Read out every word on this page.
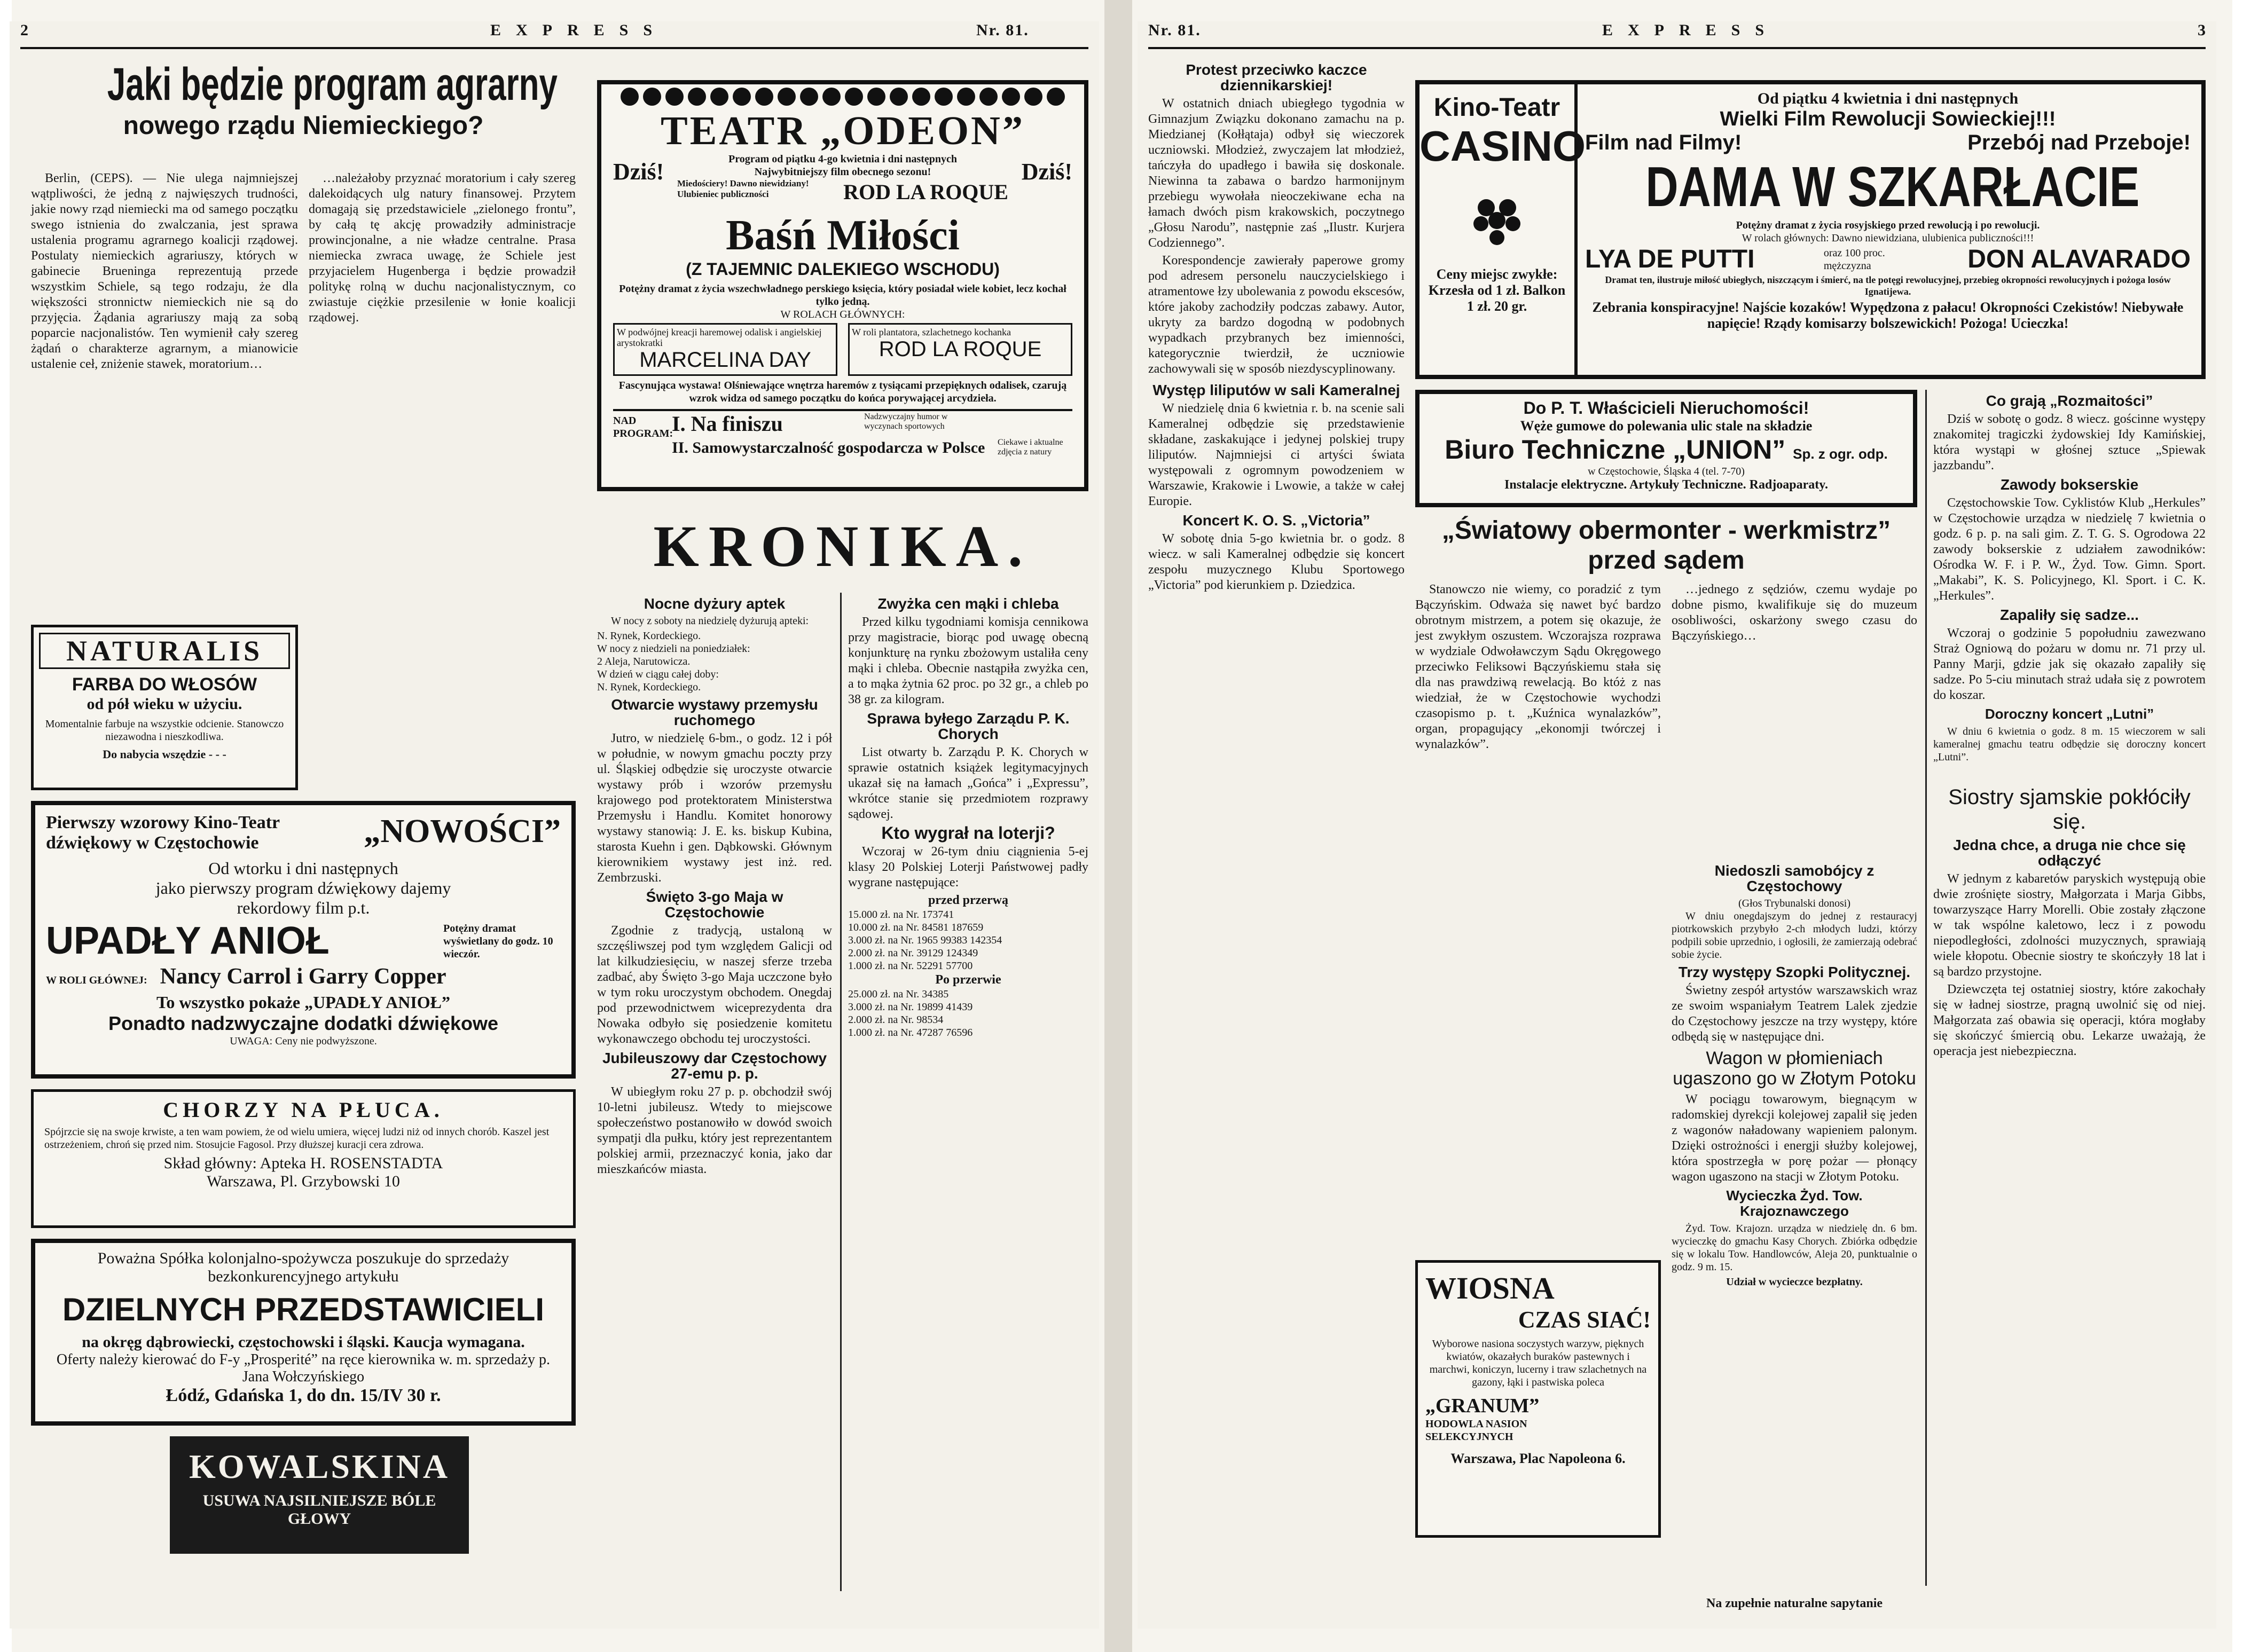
2	EXPRESS	Nr. 81.
Jaki będzie program agrarny
nowego rządu Niemieckiego?

Berlin, (CEPS). — Nie ulega najmniejszej wątpliwości, że jedną z najwięszych trudności, jakie nowy rząd niemiecki ma od samego początku swego istnienia do zwalczania, jest sprawa ustalenia programu agrarnego koalicji rządowej. Postulaty niemieckich agrariuszy, których w gabinecie Brueninga reprezentują przede wszystkim Schiele, są tego rodzaju, że dla większości stronnictw niemieckich nie są do przyjęcia. Żądania agrariuszy mają za sobą poparcie nacjonalistów. Ten wymienił cały szereg żądań o charakterze agrarnym, a mianowicie ustalenie ceł, zniżenie stawek, moratorium…

…należałoby przyznać moratorium i cały szereg dalekoidących ulg natury finansowej. Przytem domagają się przedstawiciele „zielonego frontu”, by całą tę akcję prowadziły administracje prowincjonalne, a nie władze centralne. Prasa niemiecka zwraca uwagę, że Schiele jest przyjacielem Hugenberga i będzie prowadził politykę rolną w duchu nacjonalistycznym, co zwiastuje ciężkie przesilenie w łonie koalicji rządowej.

NATURALIS
FARBA DO WŁOSÓW
od pół wieku w użyciu.
Momentalnie farbuje na wszystkie odcienie. Stanowczo niezawodna i nieszkodliwa.
Do nabycia wszędzie - - -
Pierwszy wzorowy Kino-Teatr
dźwiękowy w Częstochowie	„NOWOŚCI”
Od wtorku i dni następnych
jako pierwszy program dźwiękowy dajemy
rekordowy film p.t.
UPADŁY ANIOŁ	Potężny dramat wyświetlany do godz. 10 wieczór.
W ROLI GŁÓWNEJ: Nancy Carrol i Garry Copper
To wszystko pokaże „UPADŁY ANIOŁ”
Ponadto nadzwyczajne dodatki dźwiękowe
UWAGA: Ceny nie podwyższone.
CHORZY NA PŁUCA.
Spójrzcie się na swoje krwiste, a ten wam powiem, że od wielu umiera, więcej ludzi niż od innych chorób. Kaszel jest ostrzeżeniem, chroń się przed nim. Stosujcie Fagosol. Przy dłuższej kuracji cera zdrowa.
Skład główny: Apteka H. ROSENSTADTA
Warszawa, Pl. Grzybowski 10
Poważna Spółka kolonjalno-spożywcza poszukuje do sprzedaży bezkonkurencyjnego artykułu
DZIELNYCH PRZEDSTAWICIELI
na okręg dąbrowiecki, częstochowski i śląski. Kaucja wymagana.
Oferty należy kierować do F-y „Prosperité” na ręce kierownika w. m. sprzedaży p. Jana Wołczyńskiego
Łódź, Gdańska 1, do dn. 15/IV 30 r.
KOWALSKINA
USUWA NAJSILNIEJSZE BÓLE GŁOWY
TEATR „ODEON”
Dziś!	Dziś!
Program od piątku 4-go kwietnia i dni następnych
Najwybitniejszy film obecnego sezonu!
Miedościery! Dawno niewidziany! Ulubieniec publiczności	ROD LA ROQUE
Baśń Miłości
(Z TAJEMNIC DALEKIEGO WSCHODU)
Potężny dramat z życia wszechwładnego perskiego księcia, który posiadał wiele kobiet, lecz kochał tylko jedną.
W ROLACH GŁÓWNYCH:
W podwójnej kreacji haremowej odalisk i angielskiej arystokratki
MARCELINA DAY
W roli plantatora, szlachetnego kochanka
ROD LA ROQUE
Fascynująca wystawa! Olśniewające wnętrza haremów z tysiącami przepięknych odalisek, czarują wzrok widza od samego początku do końca porywającej arcydzieła.
NAD PROGRAM:
I. Na finiszu	Nadzwyczajny humor w wyczynach sportowych
II. Samowystarczalność gospodarcza w Polsce Ciekawe i aktualne zdjęcia z natury
KRONIKA.
Nocne dyżury aptek

W nocy z soboty na niedzielę dyżurują apteki:

N. Rynek, Kordeckiego.
W nocy z niedzieli na poniedziałek:
2 Aleja, Narutowicza.
W dzień w ciągu całej doby:
N. Rynek, Kordeckiego.
Otwarcie wystawy przemysłu ruchomego

Jutro, w niedzielę 6-bm., o godz. 12 i pół w południe, w nowym gmachu poczty przy ul. Śląskiej odbędzie się uroczyste otwarcie wystawy prób i wzorów przemysłu krajowego pod protektoratem Ministerstwa Przemysłu i Handlu. Komitet honorowy wystawy stanowią: J. E. ks. biskup Kubina, starosta Kuehn i gen. Dąbkowski. Głównym kierownikiem wystawy jest inż. red. Zembrzuski.

Święto 3-go Maja w Częstochowie

Zgodnie z tradycją, ustaloną w szczęśliwszej pod tym względem Galicji od lat kilkudziesięciu, w naszej sferze trzeba zadbać, aby Święto 3-go Maja uczczone było w tym roku uroczystym obchodem. Onegdaj pod przewodnictwem wiceprezydenta dra Nowaka odbyło się posiedzenie komitetu wykonawczego obchodu tej uroczystości.

Jubileuszowy dar Częstochowy 27-emu p. p.

W ubiegłym roku 27 p. p. obchodził swój 10-letni jubileusz. Wtedy to miejscowe społeczeństwo postanowiło w dowód swoich sympatji dla pułku, który jest reprezentantem polskiej armii, przeznaczyć konia, jako dar mieszkańców miasta.

Zwyżka cen mąki i chleba

Przed kilku tygodniami komisja cennikowa przy magistracie, biorąc pod uwagę obecną konjunkturę na rynku zbożowym ustaliła ceny mąki i chleba. Obecnie nastąpiła zwyżka cen, a to mąka żytnia 62 proc. po 32 gr., a chleb po 38 gr. za kilogram.

Sprawa byłego Zarządu P. K. Chorych

List otwarty b. Zarządu P. K. Chorych w sprawie ostatnich książek legitymacyjnych ukazał się na łamach „Gońca” i „Expressu”, wkrótce stanie się przedmiotem rozprawy sądowej.

Kto wygrał na loterji?

Wczoraj w 26-tym dniu ciągnienia 5-ej klasy 20 Polskiej Loterji Państwowej padły wygrane następujące:

przed przerwą
15.000 zł. na Nr. 173741
10.000 zł. na Nr. 84581 187659
3.000 zł. na Nr. 1965 99383 142354
2.000 zł. na Nr. 39129 124349
1.000 zł. na Nr. 52291 57700
Po przerwie
25.000 zł. na Nr. 34385
3.000 zł. na Nr. 19899 41439
2.000 zł. na Nr. 98534
1.000 zł. na Nr. 47287 76596
Nr. 81.	EXPRESS	3
Protest przeciwko kaczce dziennikarskiej!

W ostatnich dniach ubiegłego tygodnia w Gimnazjum Związku dokonano zamachu na p. Miedzianej (Kołłątaja) odbył się wieczorek uczniowski. Młodzież, zwyczajem lat młodzież, tańczyła do upadłego i bawiła się doskonale. Niewinna ta zabawa o bardzo harmonijnym przebiegu wywołała nieoczekiwane echa na łamach dwóch pism krakowskich, poczytnego „Głosu Narodu”, następnie zaś „Ilustr. Kurjera Codziennego”.

Korespondencje zawierały paperowe gromy pod adresem personelu nauczycielskiego i atramentowe łzy ubolewania z powodu ekscesów, które jakoby zachodziły podczas zabawy. Autor, ukryty za bardzo dogodną w podobnych wypadkach przybranych bez imienności, kategorycznie twierdził, że uczniowie zachowywali się w sposób niezdyscyplinowany.

Kino-Teatr
CASINO
Ceny miejsc zwykłe: Krzesła od 1 zł. Balkon 1 zł. 20 gr.
Od piątku 4 kwietnia i dni następnych
Wielki Film Rewolucji Sowieckiej!!!
Film nad Filmy!	Przebój nad Przeboje!
DAMA W SZKARŁACIE
Potężny dramat z życia rosyjskiego przed rewolucją i po rewolucji.
W rolach głównych: Dawno niewidziana, ulubienica publiczności!!!
LYA DE PUTTI	oraz 100 proc. mężczyzna	DON ALAVARADO
Dramat ten, ilustruje miłość ubiegłych, niszczącym i śmierć, na tle potęgi rewolucyjnej, przebieg okropności rewolucyjnych i pożoga losów Ignatijewa.
Zebrania konspiracyjne! Najście kozaków! Wypędzona z pałacu! Okropności Czekistów! Niebywałe napięcie! Rządy komisarzy bolszewickich! Pożoga! Ucieczka!
Występ liliputów w sali Kameralnej

W niedzielę dnia 6 kwietnia r. b. na scenie sali Kameralnej odbędzie się przedstawienie składane, zaskakujące i jedynej polskiej trupy liliputów. Najmniejsi ci artyści świata występowali z ogromnym powodzeniem w Warszawie, Krakowie i Lwowie, a także w całej Europie.

Koncert K. O. S. „Victoria”

W sobotę dnia 5-go kwietnia br. o godz. 8 wiecz. w sali Kameralnej odbędzie się koncert zespołu muzycznego Klubu Sportowego „Victoria” pod kierunkiem p. Dziedzica.

Do P. T. Właścicieli Nieruchomości!
Węże gumowe do polewania ulic stale na składzie
Biuro Techniczne „UNION” Sp. z ogr. odp.
w Częstochowie, Śląska 4 (tel. 7-70)
Instalacje elektryczne. Artykuły Techniczne. Radjoaparaty.
„Światowy obermonter - werkmistrz” przed sądem

Stanowczo nie wiemy, co poradzić z tym Bączyńskim. Odważa się nawet być bardzo obrotnym mistrzem, a potem się okazuje, że jest zwykłym oszustem. Wczorajsza rozprawa w wydziale Odwoławczym Sądu Okręgowego przeciwko Feliksowi Bączyńskiemu stała się dla nas prawdziwą rewelacją. Bo któż z nas wiedział, że w Częstochowie wychodzi czasopismo p. t. „Kuźnica wynalazków”, organ, propagujący „ekonomji twórczej i wynalazków”.

…jednego z sędziów, czemu wydaje po dobne pismo, kwalifikuje się do muzeum osobliwości, oskarżony swego czasu do Bączyńskiego…

WIOSNA
CZAS SIAĆ!
Wyborowe nasiona soczystych warzyw, pięknych kwiatów, okazałych buraków pastewnych i marchwi, koniczyn, lucerny i traw szlachetnych na gazony, łąki i pastwiska poleca
„GRANUM”
HODOWLA NASION SELEKCYJNYCH
Warszawa, Plac Napoleona 6.
Niedoszli samobójcy z Częstochowy
(Głos Trybunalski donosi)

W dniu onegdajszym do jednej z restauracyj piotrkowskich przybyło 2-ch młodych ludzi, którzy podpili sobie uprzednio, i ogłosili, że zamierzają odebrać sobie życie.

Trzy występy Szopki Politycznej.

Świetny zespół artystów warszawskich wraz ze swoim wspaniałym Teatrem Lalek zjedzie do Częstochowy jeszcze na trzy występy, które odbędą się w następujące dni.

Wagon w płomieniach ugaszono go w Złotym Potoku

W pociągu towarowym, biegnącym w radomskiej dyrekcji kolejowej zapalił się jeden z wagonów naładowany wapieniem palonym. Dzięki ostrożności i energji służby kolejowej, która spostrzegła w porę pożar — płonący wagon ugaszono na stacji w Złotym Potoku.

Wycieczka Żyd. Tow. Krajoznawczego

Żyd. Tow. Krajozn. urządza w niedzielę dn. 6 bm. wycieczkę do gmachu Kasy Chorych. Zbiórka odbędzie się w lokalu Tow. Handlowców, Aleja 20, punktualnie o godz. 9 m. 15.

Udział w wycieczce bezpłatny.
Co grają „Rozmaitości”

Dziś w sobotę o godz. 8 wiecz. gościnne występy znakomitej tragiczki żydowskiej Idy Kamińskiej, która wystąpi w głośnej sztuce „Spiewak jazzbandu”.

Zawody bokserskie

Częstochowskie Tow. Cyklistów Klub „Herkules” w Częstochowie urządza w niedzielę 7 kwietnia o godz. 6 p. p. na sali gim. Z. T. G. S. Ogrodowa 22 zawody bokserskie z udziałem zawodników: Ośrodka W. F. i P. W., Żyd. Tow. Gimn. Sport. „Makabi”, K. S. Policyjnego, Kl. Sport. i C. K. „Herkules”.

Zapaliły się sadze...

Wczoraj o godzinie 5 popołudniu zawezwano Straż Ogniową do pożaru w domu nr. 71 przy ul. Panny Marji, gdzie jak się okazało zapaliły się sadze. Po 5-ciu minutach straż udała się z powrotem do koszar.

Doroczny koncert „Lutni”

W dniu 6 kwietnia o godz. 8 m. 15 wieczorem w sali kameralnej gmachu teatru odbędzie się doroczny koncert „Lutni”.

Siostry sjamskie pokłóciły się.
Jedna chce, a druga nie chce się odłączyć

W jednym z kabaretów paryskich występują obie dwie zrośnięte siostry, Małgorzata i Marja Gibbs, towarzyszące Harry Morelli. Obie zostały złączone w tak wspólne kaletowo, lecz i z powodu niepodległości, zdolności muzycznych, sprawiają wiele kłopotu. Obecnie siostry te skończyły 18 lat i są bardzo przystojne.

Dziewczęta tej ostatniej siostry, które zakochały się w ładnej siostrze, pragną uwolnić się od niej. Małgorzata zaś obawia się operacji, która mogłaby się skończyć śmiercią obu. Lekarze uważają, że operacja jest niebezpieczna.

Na zupełnie naturalne sapytanie
